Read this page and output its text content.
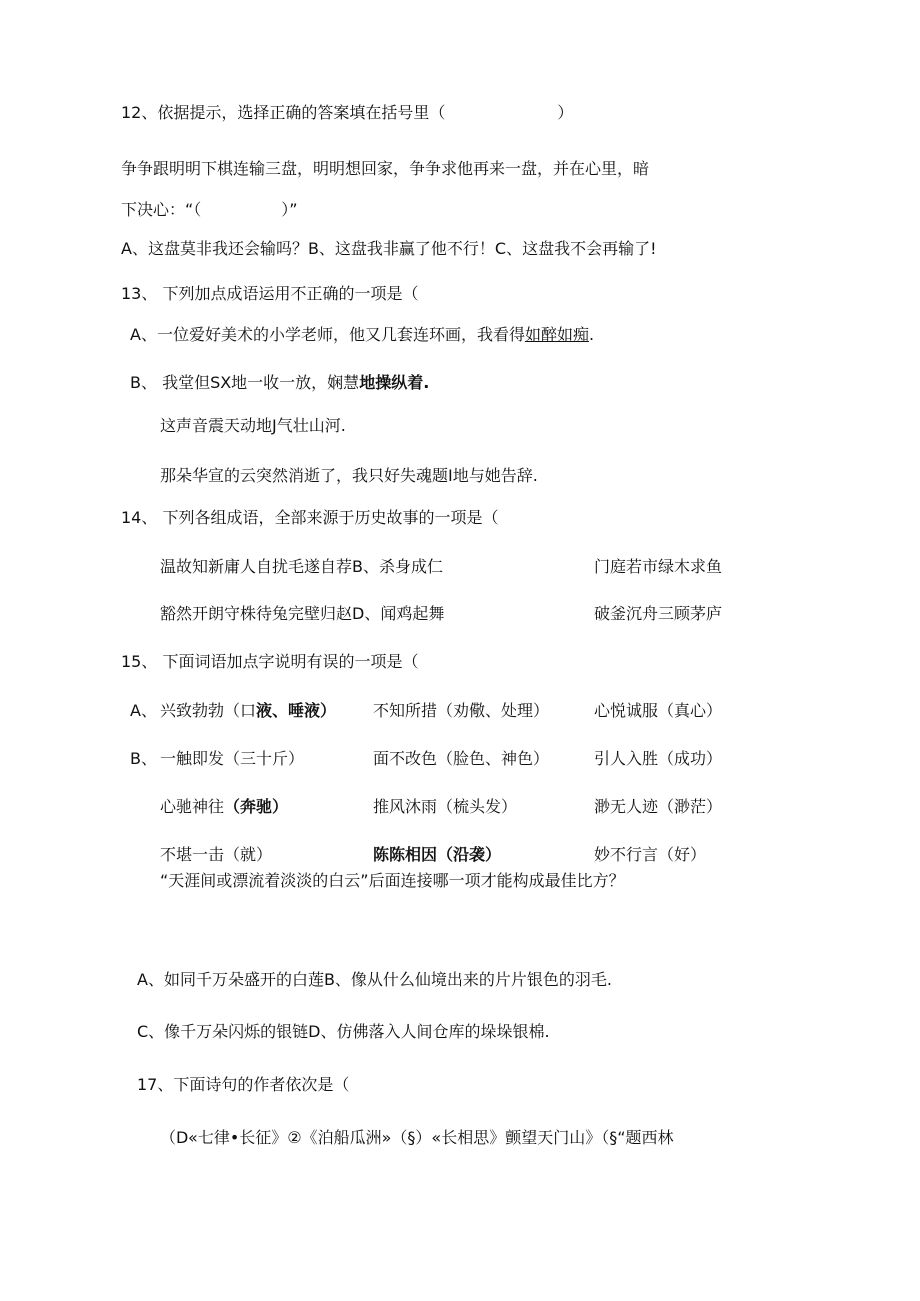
12、依据提示，选择正确的答案填在括号里（　　　　　　　）
争争跟明明下棋连输三盘，明明想回家，争争求他再来一盘，并在心里，暗
下决心：“（　　　　　）”
A、这盘莫非我还会输吗？B、这盘我非赢了他不行！C、这盘我不会再输了!
13、 下列加点成语运用不正确的一项是（
A、一位爱好美术的小学老师，他又几套连环画，我看得如醉如痴.
B、 我堂但SX地一收一放，娴慧地操纵着.
这声音震天动地J气壮山河.
那朵华宣的云突然消逝了，我只好失魂题I地与她告辞.
14、 下列各组成语，全部来源于历史故事的一项是（
温故知新庸人自扰毛遂自荐B、杀身成仁	门庭若市绿木求鱼
豁然开朗守株待兔完壁归赵D、闻鸡起舞	破釜沉舟三顾茅庐
15、 下面词语加点字说明有误的一项是（
A、 兴致勃勃（口液、唾液） 不知所措（劝儆、处理）	心悦诚服（真心）
B、 一触即发（三十斤）	面不改色（脸色、神色）	引人入胜（成功）
心驰神往（奔驰）	推风沐雨（梳头发）	渺无人迹（渺茫）
不堪一击（就）	陈陈相因（沿袭）	妙不行言（好）
“天涯间或漂流着淡淡的白云”后面连接哪一项才能构成最佳比方？
A、如同千万朵盛开的白莲B、像从什么仙境出来的片片银色的羽毛.
C、像千万朵闪烁的银链D、仿佛落入人间仓库的垛垛银棉.
17、下面诗句的作者依次是（
（D«七律•长征》②《泊船瓜洲»（§）«长相思》颤望天门山》（§“题西林
